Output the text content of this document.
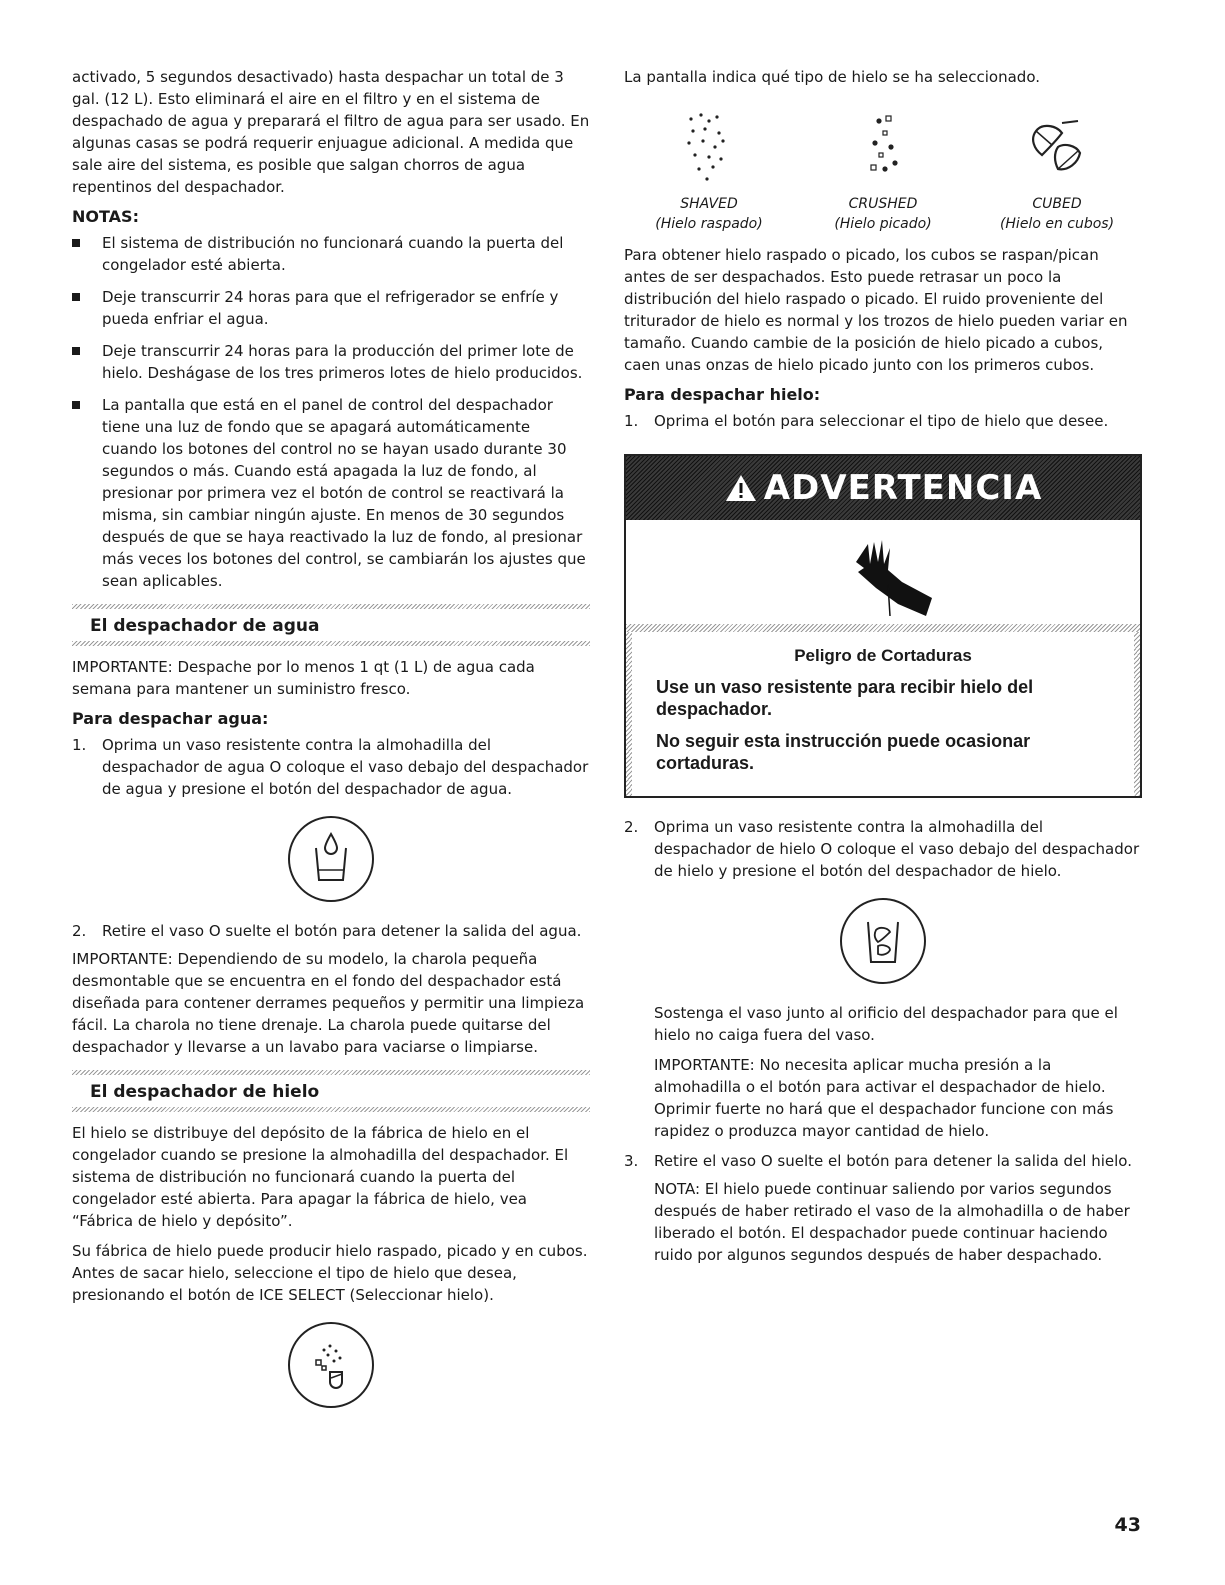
activado, 5 segundos desactivado) hasta despachar un total de 3 gal. (12 L). Esto eliminará el aire en el filtro y en el sistema de despachado de agua y preparará el filtro de agua para ser usado. En algunas casas se podrá requerir enjuague adicional. A medida que sale aire del sistema, es posible que salgan chorros de agua repentinos del despachador.

NOTAS:
El sistema de distribución no funcionará cuando la puerta del congelador esté abierta.
Deje transcurrir 24 horas para que el refrigerador se enfríe y pueda enfriar el agua.
Deje transcurrir 24 horas para la producción del primer lote de hielo. Deshágase de los tres primeros lotes de hielo producidos.
La pantalla que está en el panel de control del despachador tiene una luz de fondo que se apagará automáticamente cuando los botones del control no se hayan usado durante 30 segundos o más. Cuando está apagada la luz de fondo, al presionar por primera vez el botón de control se reactivará la misma, sin cambiar ningún ajuste. En menos de 30 segundos después de que se haya reactivado la luz de fondo, al presionar más veces los botones del control, se cambiarán los ajustes que sean aplicables.
El despachador de agua

IMPORTANTE: Despache por lo menos 1 qt (1 L) de agua cada semana para mantener un suministro fresco.

Para despachar agua:
1. Oprima un vaso resistente contra la almohadilla del despachador de agua O coloque el vaso debajo del despachador de agua y presione el botón del despachador de agua.
2. Retire el vaso O suelte el botón para detener la salida del agua.

IMPORTANTE: Dependiendo de su modelo, la charola pequeña desmontable que se encuentra en el fondo del despachador está diseñada para contener derrames pequeños y permitir una limpieza fácil. La charola no tiene drenaje. La charola puede quitarse del despachador y llevarse a un lavabo para vaciarse o limpiarse.

El despachador de hielo

El hielo se distribuye del depósito de la fábrica de hielo en el congelador cuando se presione la almohadilla del despachador. El sistema de distribución no funcionará cuando la puerta del congelador esté abierta. Para apagar la fábrica de hielo, vea “Fábrica de hielo y depósito”.

Su fábrica de hielo puede producir hielo raspado, picado y en cubos. Antes de sacar hielo, seleccione el tipo de hielo que desea, presionando el botón de ICE SELECT (Seleccionar hielo).

La pantalla indica qué tipo de hielo se ha seleccionado.

SHAVED
(Hielo raspado)
CRUSHED
(Hielo picado)
CUBED
(Hielo en cubos)

Para obtener hielo raspado o picado, los cubos se raspan/pican antes de ser despachados. Esto puede retrasar un poco la distribución del hielo raspado o picado. El ruido proveniente del triturador de hielo es normal y los trozos de hielo pueden variar en tamaño. Cuando cambie de la posición de hielo picado a cubos, caen unas onzas de hielo picado junto con los primeros cubos.

Para despachar hielo:
1. Oprima el botón para seleccionar el tipo de hielo que desee.
ADVERTENCIA
Peligro de Cortaduras

Use un vaso resistente para recibir hielo del despachador.

No seguir esta instrucción puede ocasionar cortaduras.

2. Oprima un vaso resistente contra la almohadilla del despachador de hielo O coloque el vaso debajo del despachador de hielo y presione el botón del despachador de hielo.

Sostenga el vaso junto al orificio del despachador para que el hielo no caiga fuera del vaso.

IMPORTANTE: No necesita aplicar mucha presión a la almohadilla o el botón para activar el despachador de hielo. Oprimir fuerte no hará que el despachador funcione con más rapidez o produzca mayor cantidad de hielo.

3. Retire el vaso O suelte el botón para detener la salida del hielo.

NOTA: El hielo puede continuar saliendo por varios segundos después de haber retirado el vaso de la almohadilla o de haber liberado el botón. El despachador puede continuar haciendo ruido por algunos segundos después de haber despachado.

43
